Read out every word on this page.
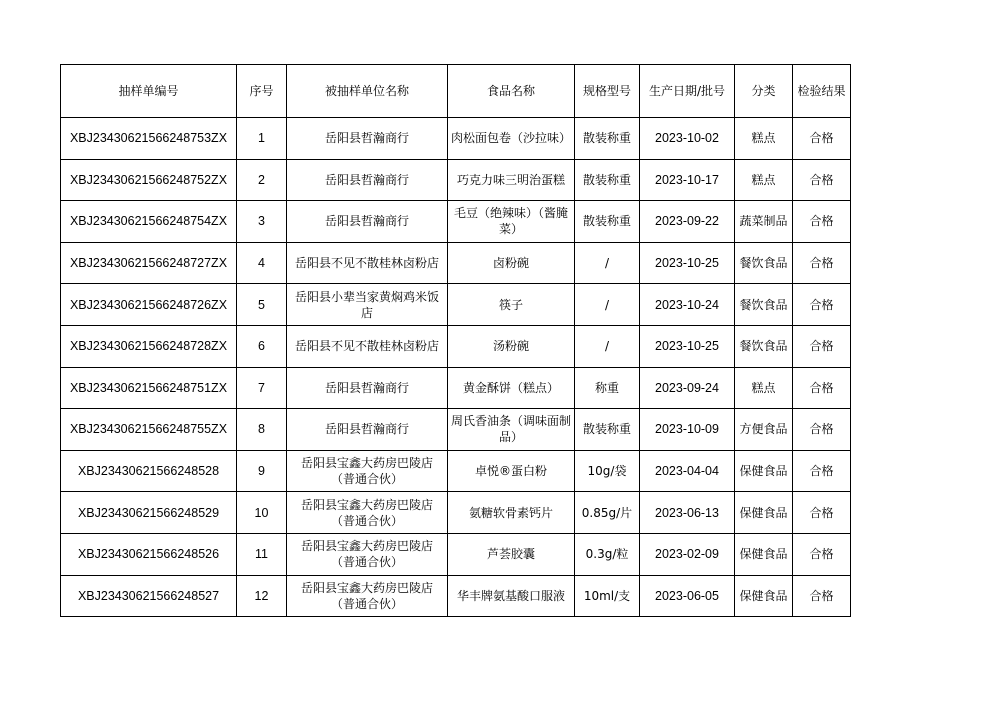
抽样单编号	序号	被抽样单位名称	食品名称	规格型号	生产日期/批号	分类	检验结果
XBJ23430621566248753ZX	1	岳阳县哲瀚商行	肉松面包卷（沙拉味）	散装称重	2023-10-02	糕点	合格
XBJ23430621566248752ZX	2	岳阳县哲瀚商行	巧克力味三明治蛋糕	散装称重	2023-10-17	糕点	合格
XBJ23430621566248754ZX	3	岳阳县哲瀚商行	毛豆（绝辣味）（酱腌菜）	散装称重	2023-09-22	蔬菜制品	合格
XBJ23430621566248727ZX	4	岳阳县不见不散桂林卤粉店	卤粉碗	/	2023-10-25	餐饮食品	合格
XBJ23430621566248726ZX	5	岳阳县小辈当家黄焖鸡米饭店	筷子	/	2023-10-24	餐饮食品	合格
XBJ23430621566248728ZX	6	岳阳县不见不散桂林卤粉店	汤粉碗	/	2023-10-25	餐饮食品	合格
XBJ23430621566248751ZX	7	岳阳县哲瀚商行	黄金酥饼（糕点）	称重	2023-09-24	糕点	合格
XBJ23430621566248755ZX	8	岳阳县哲瀚商行	周氏香油条（调味面制品）	散装称重	2023-10-09	方便食品	合格
XBJ23430621566248528	9	岳阳县宝鑫大药房巴陵店（普通合伙）	卓悦®蛋白粉	10g/袋	2023-04-04	保健食品	合格
XBJ23430621566248529	10	岳阳县宝鑫大药房巴陵店（普通合伙）	氨糖软骨素钙片	0.85g/片	2023-06-13	保健食品	合格
XBJ23430621566248526	11	岳阳县宝鑫大药房巴陵店（普通合伙）	芦荟胶囊	0.3g/粒	2023-02-09	保健食品	合格
XBJ23430621566248527	12	岳阳县宝鑫大药房巴陵店（普通合伙）	华丰牌氨基酸口服液	10ml/支	2023-06-05	保健食品	合格
